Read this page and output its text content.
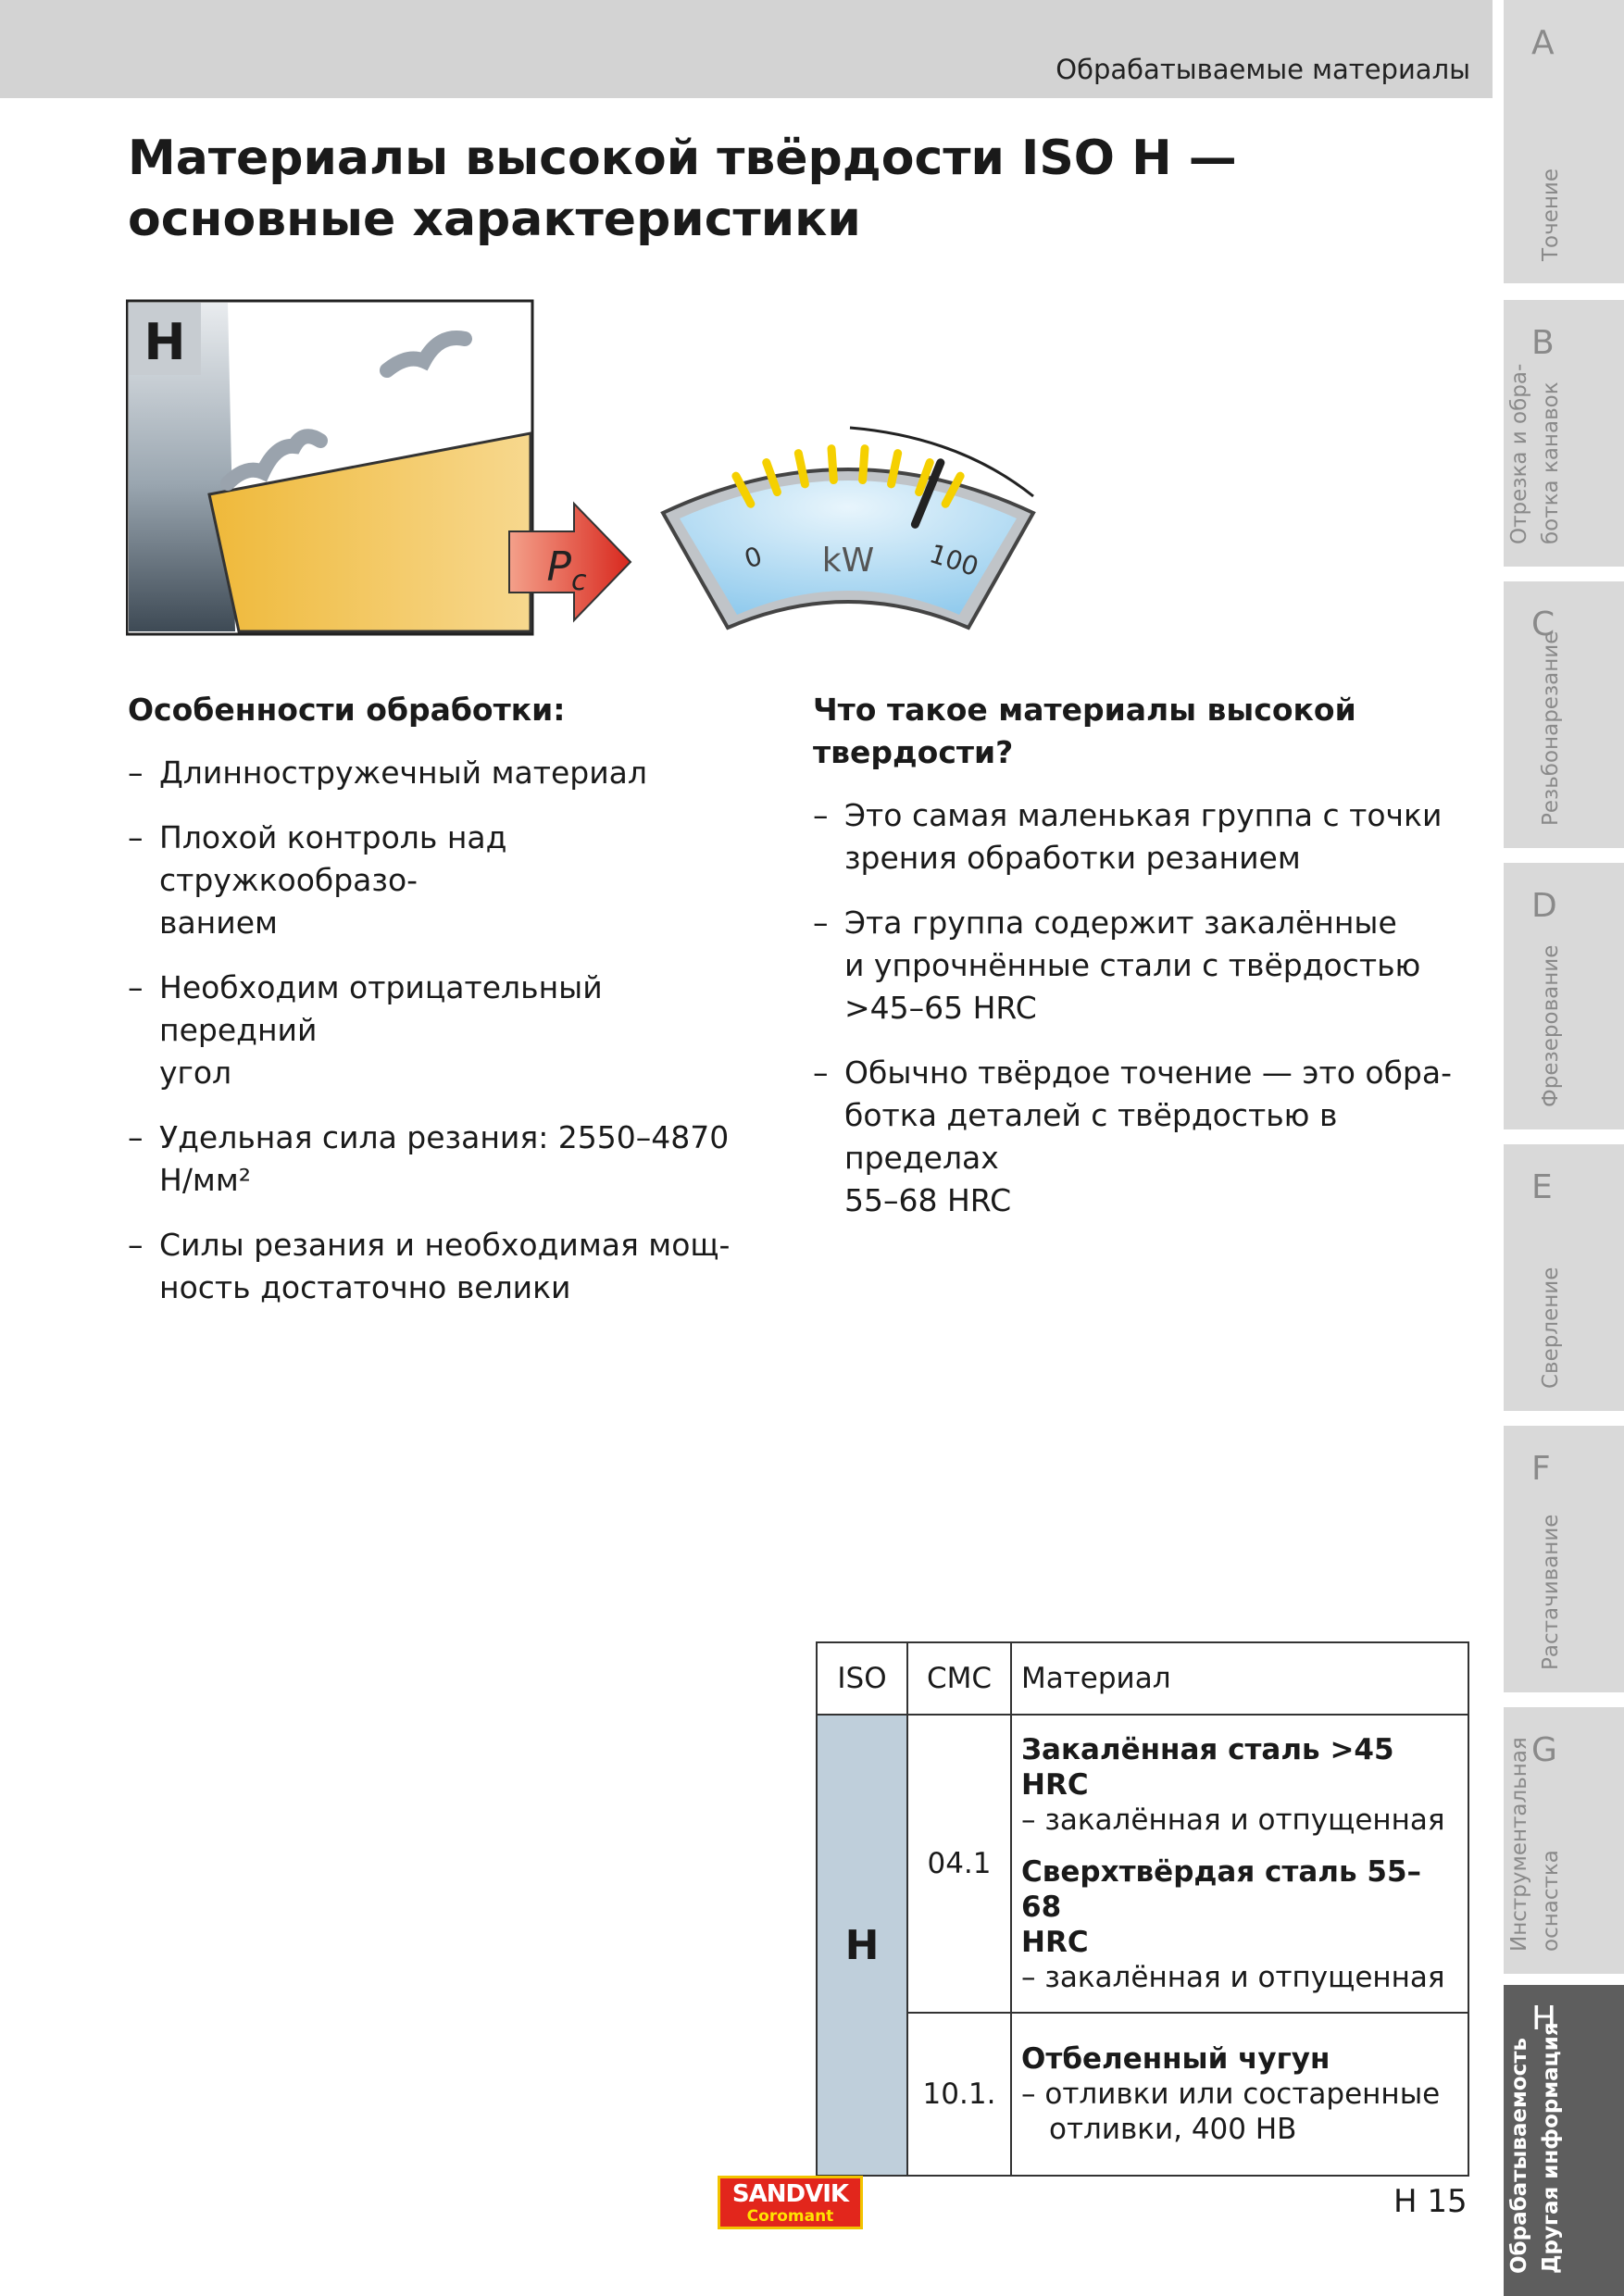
Обрабатываемые материалы
A
Точение
B
Отрезка и обра-
ботка канавок
C
Резьбонарезание
D
Фрезерование
E
Сверление
F
Растачивание
G
Инструментальная
оснастка
H
Обрабатываемость
Другая информация
Материалы высокой твёрдости ISO H — основные характеристики
H
$P_c$
0 kW 100
Особенности обработки:
– Длинностружечный материал
– Плохой контроль над стружкообразо-
ванием
– Необходим отрицательный передний
угол
– Удельная сила резания: 2550–4870
Н/мм²
– Силы резания и необходимая мощ-
ность достаточно велики
Что такое материалы высокой
твердости?
– Это самая маленькая группа с точки
зрения обработки резанием
– Эта группа содержит закалённые
и упрочнённые стали с твёрдостью
>45–65 HRC
– Обычно твёрдое точение — это обра-
ботка деталей с твёрдостью в пределах
55–68 HRC
ISO	CMC	Материал
H	04.1	Закалённая сталь >45 HRC
– закалённая и отпущенная
Сверхтвёрдая сталь 55–68
HRC
– закалённая и отпущенная

	10.1.	Отбеленный чугун
– отливки или состаренные
отливки, 400 HB
SANDVIK
Coromant	H 15
